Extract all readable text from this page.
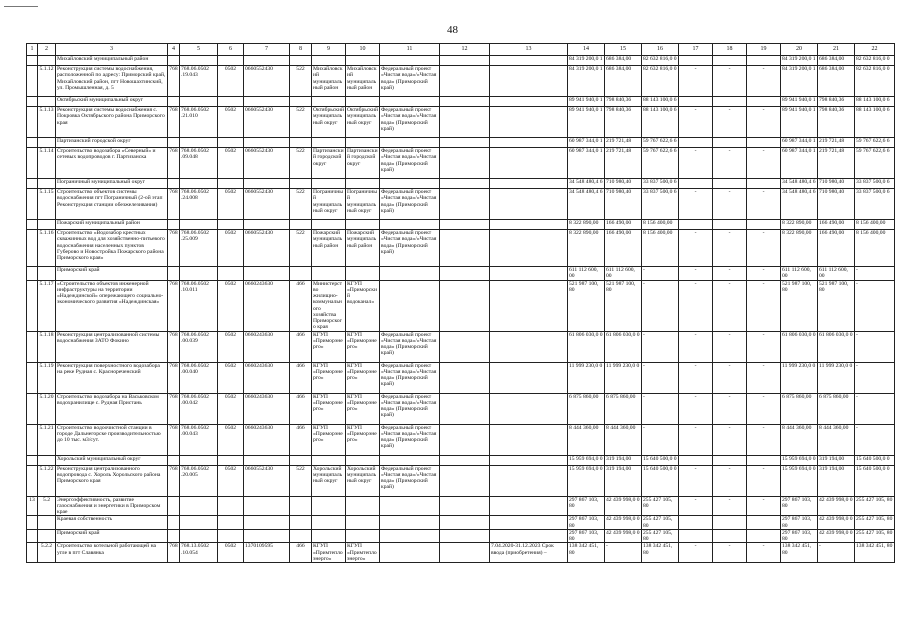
48
1	2	3	4	5	6	7	8	9	10	11	12	13	14	15	16	17	18	19	20	21	22
		Михайловский муниципальный район											84 319 200,0 1	686 384,00	82 632 816,0 0				84 319 200,0 1	686 384,00	82 632 816,0 0
	5.1.12	Реконструкция системы водоснабжения, расположенной по адресу: Приморский край, Михайловский район, пгт Новошахтинский, ул. Промышленная, д. 5	768	768.06.0502 .19.043	0502	0660552430	522	Михайловский муниципальный район	Михайловский муниципальный район	Федеральный проект «Чистая вода»/«Чистая вода» (Приморский край)			84 319 200,0 1	686 384,00	82 632 816,0 0	-	-	-	84 319 200,0 1	686 384,00	82 632 816,0 0
		Октябрьский муниципальный округ											89 941 940,0 1	798 840,36	88 143 100,0 6				89 941 940,0 1	798 840,36	88 143 100,0 6
	5.1.13	Реконструкция системы водоснабжения с. Покровка Октябрьского района Приморского края	768	768.06.0502 .21.010	0502	0660552430	522	Октябрьский муниципальный округ	Октябрьский муниципальный округ	Федеральный проект «Чистая вода»/«Чистая вода» (Приморский край)			89 941 940,0 1	798 840,36	88 143 100,0 6	-	-	-	89 941 940,0 1	798 840,36	88 143 100,0 6
		Партизанский городской округ											60 987 344,0 1	219 721,48	59 767 622,6 6				60 987 344,0 1	219 721,48	59 767 622,6 6
	5.1.14	Строительство водозабора «Северный» и сетевых водопроводов г. Партизанска	768	768.06.0502 .09.048	0502	0660552430	522	Партизанский городской округ	Партизанский городской округ	Федеральный проект «Чистая вода»/«Чистая вода» (Приморский край)			60 987 344,0 1	219 721,48	59 767 622,6 6	-	-	-	60 987 344,0 1	219 721,48	59 767 622,6 6
		Пограничный муниципальный округ											34 548 480,4 6	710 980,40	33 837 500,0 6				34 548 480,4 6	710 980,40	33 837 500,0 6
	5.1.15	Строительство объектов системы водоснабжения пгт Пограничный (2-ой этап Реконструкция станции обезжелезивания)	768	768.06.0502 .24.008	0502	0660552430	522	Пограничный муниципальный округ	Пограничный муниципальный округ	Федеральный проект «Чистая вода»/«Чистая вода» (Приморский край)			34 548 480,4 6	710 980,40	33 837 500,0 6	-	-	-	34 548 480,4 6	710 980,40	33 837 500,0 6
		Пожарский муниципальный район											8 322 890,00	166 490,00	8 156 400,00				8 322 890,00	166 490,00	8 156 400,00
	5.1.16	Строительство «Водозабор крестных скважинных вод для хозяйственно-питьевого водоснабжения населенных пунктов Губерово и Новостройка Пожарского района Приморского края»	768	768.06.0502 .25.009	0502	0660552430	522	Пожарский муниципальный район	Пожарский муниципальный район	Федеральный проект «Чистая вода»/«Чистая вода» (Приморский край)			8 322 890,00	166 490,00	8 156 400,00	-	-	-	8 322 890,00	166 490,00	8 156 400,00
		Приморский край											611 112 600, 00	611 112 600, 00	-	-	-	-	611 112 600, 00	611 112 600, 00	-
	5.1.17	«Строительство объектов инженерной инфраструктуры на территории «Надеждинской» опережающего социально-экономического развития «Надеждинская»	768	768.06.0502 .10.011	0502	0660243630	466	Министерство жилищно-коммунального хозяйства Приморского края	КГУП «Приморский водоканал»				521 987 100, 80	521 987 100, 80	-	-	-	-	521 987 100, 80	521 987 100, 80	-
	5.1.18	Реконструкция централизованной системы водоснабжения ЗАТО Фокино	768	768.06.0502 .00.039	0502	0660243630	466	КГУП «Приморэнерго»	КГУП «Приморэнерго»	Федеральный проект «Чистая вода»/«Чистая вода» (Приморский край)			61 806 030,0 0	61 806 030,0 0	-	-	-	-	61 806 030,0 0	61 806 030,0 0	-
	5.1.19	Реконструкция поверхностного водозабора на реке Рудная с. Краснореченский	768	768.06.0502 .00.040	0502	0660243630	466	КГУП «Приморэнерго»	КГУП «Приморэнерго»	Федеральный проект «Чистая вода»/«Чистая вода» (Приморский край)			11 999 230,0 0	11 999 230,0 0	-	-	-	-	11 999 230,0 0	11 999 230,0 0	-
	5.1.20	Строительство водозабора на Васьковском водохранилище с. Рудная Пристань	768	768.06.0502 .00.042	0502	0660243630	466	КГУП «Приморэнерго»	КГУП «Приморэнерго»	Федеральный проект «Чистая вода»/«Чистая вода» (Приморский край)			6 875 860,00	6 875 860,00	-	-	-	-	6 875 860,00	6 875 860,00	-
	5.1.21	Строительство водоочистной станции в городе Дальнегорске производительностью до 10 тыс. м3/сут.	768	768.06.0502 .00.043	0502	0660243630	466	КГУП «Приморэнерго»	КГУП «Приморэнерго»	Федеральный проект «Чистая вода»/«Чистая вода» (Приморский край)			8 444 360,00	8 444 360,00	-	-	-	-	8 444 360,00	8 444 360,00	-
		Хорольский муниципальный округ											15 959 694,0 0	319 194,00	15 640 500,0 0				15 959 694,0 0	319 194,00	15 640 500,0 0
	5.1.22	Реконструкция централизованного водопровода с. Хороль Хорольского района Приморского края	768	768.06.0502 .20.005	0502	0660552430	522	Хорольский муниципальный округ	Хорольский муниципальный округ	Федеральный проект «Чистая вода»/«Чистая вода» (Приморский край)			15 959 694,0 0	319 194,00	15 640 500,0 0	-	-	-	15 959 694,0 0	319 194,00	15 640 500,0 0
13	5.2	Энергоэффективность, развитие газоснабжения и энергетики в Приморском крае											297 867 103, 80	42 439 998,0 0	255 427 105, 80	-	-	-	297 867 103, 80	42 439 998,0 0	255 427 105, 80
		Краевая собственность											297 867 103, 80	42 439 998,0 0	255 427 105, 80				297 867 103, 80	42 439 998,0 0	255 427 105, 80
		Приморский край											297 867 103, 80	42 439 998,0 0	255 427 105, 80				297 867 103, 80	42 439 998,0 0	255 427 105, 80
	5.2.2	Строительство котельной работающей на угле в пгт Славянка	768	768.13.0502 .10.054	0502	1370109595	466	КГУП «Примтеплоэнерго»	КГУП «Примтеплоэнерго»			7.04.2020-31.12.2023 Срок ввода (приобретения) –	138 342 451, 80	-	138 342 451, 80	-	-	-	138 342 451, 80	-	138 342 451, 80
